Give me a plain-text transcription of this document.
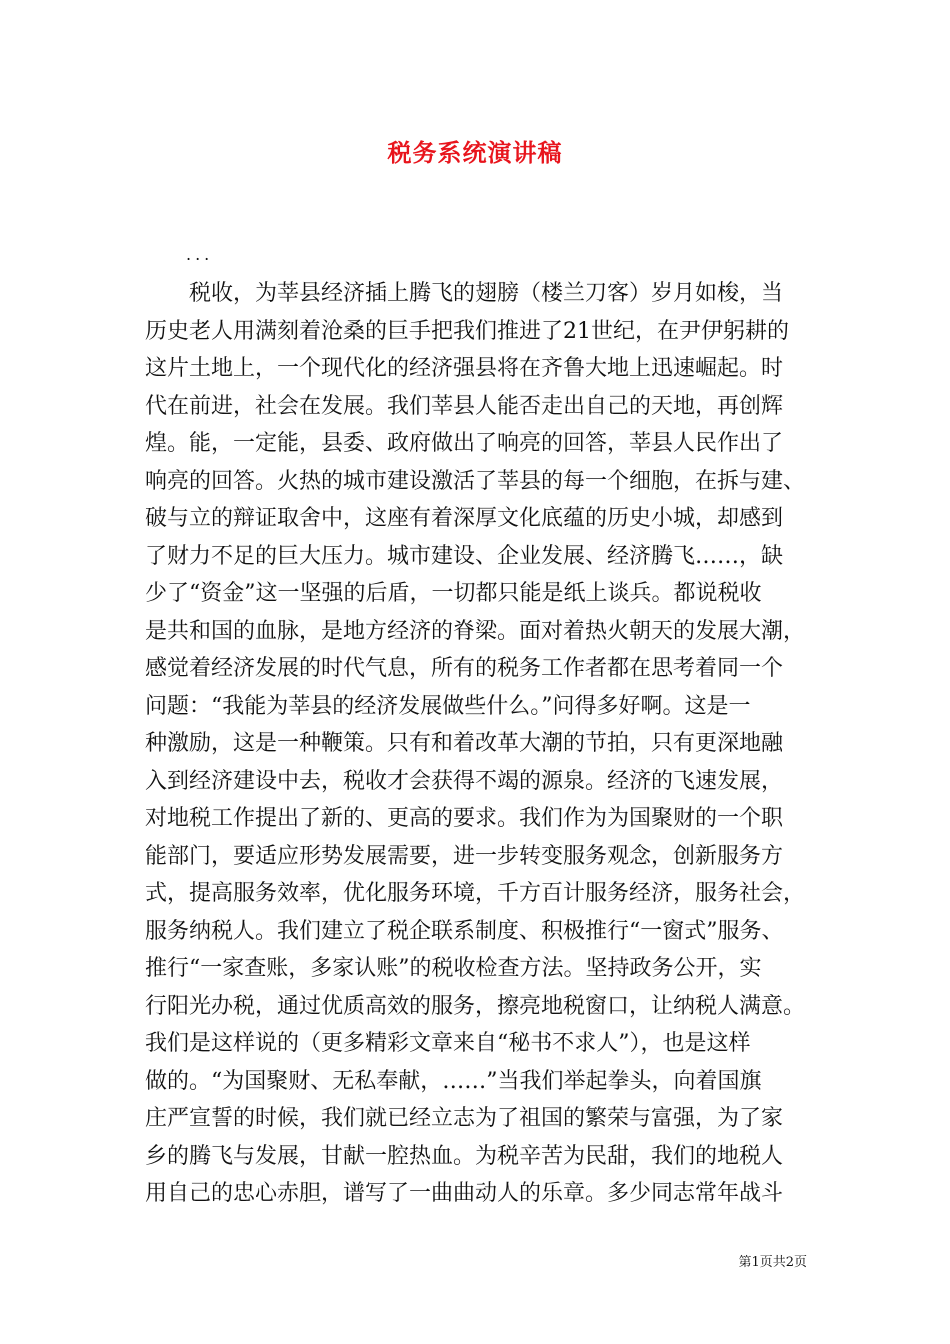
税务系统演讲稿

...

　　税收，为莘县经济插上腾飞的翅膀（楼兰刀客）岁月如梭，当
历史老人用满刻着沧桑的巨手把我们推进了21世纪，在尹伊躬耕的
这片土地上，一个现代化的经济强县将在齐鲁大地上迅速崛起。时
代在前进，社会在发展。我们莘县人能否走出自己的天地，再创辉
煌。能，一定能，县委、政府做出了响亮的回答，莘县人民作出了
响亮的回答。火热的城市建设激活了莘县的每一个细胞，在拆与建、
破与立的辩证取舍中，这座有着深厚文化底蕴的历史小城，却感到
了财力不足的巨大压力。城市建设、企业发展、经济腾飞……，缺
少了“资金”这一坚强的后盾，一切都只能是纸上谈兵。都说税收
是共和国的血脉，是地方经济的脊梁。面对着热火朝天的发展大潮，
感觉着经济发展的时代气息，所有的税务工作者都在思考着同一个
问题：“我能为莘县的经济发展做些什么。”问得多好啊。这是一
种激励，这是一种鞭策。只有和着改革大潮的节拍，只有更深地融
入到经济建设中去，税收才会获得不竭的源泉。经济的飞速发展，
对地税工作提出了新的、更高的要求。我们作为为国聚财的一个职
能部门，要适应形势发展需要，进一步转变服务观念，创新服务方
式，提高服务效率，优化服务环境，千方百计服务经济，服务社会，
服务纳税人。我们建立了税企联系制度、积极推行“一窗式”服务、
推行“一家查账，多家认账”的税收检查方法。坚持政务公开，实
行阳光办税，通过优质高效的服务，擦亮地税窗口，让纳税人满意。
我们是这样说的（更多精彩文章来自“秘书不求人”），也是这样
做的。“为国聚财、无私奉献，……”当我们举起拳头，向着国旗
庄严宣誓的时候，我们就已经立志为了祖国的繁荣与富强，为了家
乡的腾飞与发展，甘献一腔热血。为税辛苦为民甜，我们的地税人
用自己的忠心赤胆，谱写了一曲曲动人的乐章。多少同志常年战斗

第1页共2页
